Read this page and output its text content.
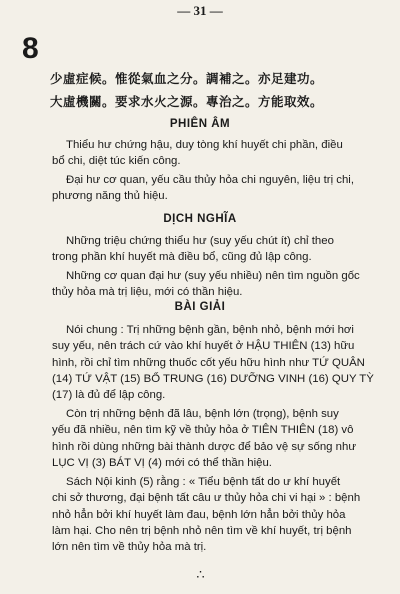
— 31 —
8
少虛症候。惟從氣血之分。調補之。亦足建功。
大虛機關。要求水火之源。專治之。方能取效。
PHIÊN ÂM
Thiểu hư chứng hậu, duy tòng khí huyết chi phần, điều
bổ chi, diệt túc kiến công.
Đại hư cơ quan, yếu cầu thủy hỏa chi nguyên, liệu trị chi,
phương năng thủ hiệu.
DỊCH NGHĨA
Những triệu chứng thiểu hư (suy yếu chút ít) chỉ theo
trong phần khí huyết mà điều bổ, cũng đủ lập công.
Những cơ quan đại hư (suy yếu nhiều) nên tìm nguồn gốc
thủy hỏa mà trị liệu, mới có thần hiệu.
BÀI GIẢI
Nói chung : Trị những bệnh gần, bệnh nhỏ, bệnh mới hơi
suy yếu, nên trách cứ vào khí huyết ở HẬU THIÊN (13) hữu
hình, rồi chỉ tìm những thuốc cốt yếu hữu hình như TỨ QUÂN
(14) TỨ VẬT (15) BỔ TRUNG (16) DƯỠNG VINH (16) QUY TỲ
(17) là đủ để lập công.
Còn trị những bệnh đã lâu, bệnh lớn (trọng), bệnh suy
yếu đã nhiều, nên tìm kỹ về thủy hỏa ở TIÊN THIÊN (18) vô
hình rồi dùng những bài thành dược để bảo vệ sự sống như
LỤC VỊ (3) BÁT VỊ (4) mới có thể thần hiệu.
Sách Nội kinh (5) rằng : « Tiểu bệnh tất do ư khí huyết
chi sở thương, đại bệnh tất câu ư thủy hỏa chi vi hại » : bệnh
nhỏ hẳn bởi khí huyết làm đau, bệnh lớn hẳn bởi thủy hỏa
làm hại. Cho nên trị bệnh nhỏ nên tìm về khí huyết, trị bệnh
lớn nên tìm về thủy hỏa mà trị.
∴
